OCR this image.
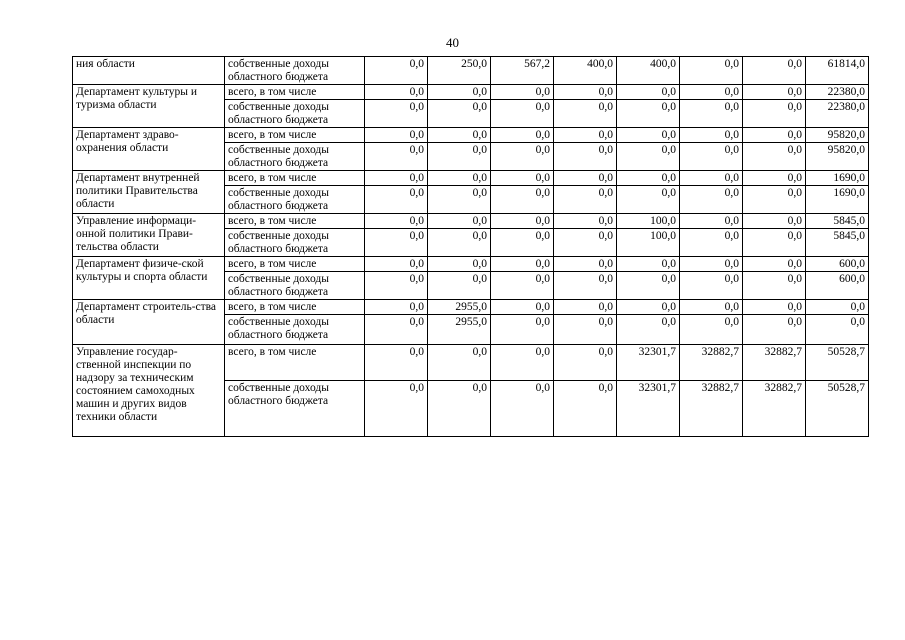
40
ния области	собственные доходы областного бюджета	0,0	250,0	567,2	400,0	400,0	0,0	0,0	61814,0
Департамент культуры и туризма области	всего, в том числе	0,0	0,0	0,0	0,0	0,0	0,0	0,0	22380,0
	собственные доходы областного бюджета	0,0	0,0	0,0	0,0	0,0	0,0	0,0	22380,0
Департамент здраво-охранения области	всего, в том числе	0,0	0,0	0,0	0,0	0,0	0,0	0,0	95820,0
	собственные доходы областного бюджета	0,0	0,0	0,0	0,0	0,0	0,0	0,0	95820,0
Департамент внутренней политики Правительства области	всего, в том числе	0,0	0,0	0,0	0,0	0,0	0,0	0,0	1690,0
	собственные доходы областного бюджета	0,0	0,0	0,0	0,0	0,0	0,0	0,0	1690,0
Управление информаци-онной политики Прави-тельства области	всего, в том числе	0,0	0,0	0,0	0,0	100,0	0,0	0,0	5845,0
	собственные доходы областного бюджета	0,0	0,0	0,0	0,0	100,0	0,0	0,0	5845,0
Департамент физиче-ской культуры и спорта области	всего, в том числе	0,0	0,0	0,0	0,0	0,0	0,0	0,0	600,0
	собственные доходы областного бюджета	0,0	0,0	0,0	0,0	0,0	0,0	0,0	600,0
Департамент строитель-ства области	всего, в том числе	0,0	2955,0	0,0	0,0	0,0	0,0	0,0	0,0
	собственные доходы областного бюджета	0,0	2955,0	0,0	0,0	0,0	0,0	0,0	0,0
Управление государ-ственной инспекции по надзору за техническим состоянием самоходных машин и других видов техники области	всего, в том числе	0,0	0,0	0,0	0,0	32301,7	32882,7	32882,7	50528,7
	собственные доходы областного бюджета	0,0	0,0	0,0	0,0	32301,7	32882,7	32882,7	50528,7
